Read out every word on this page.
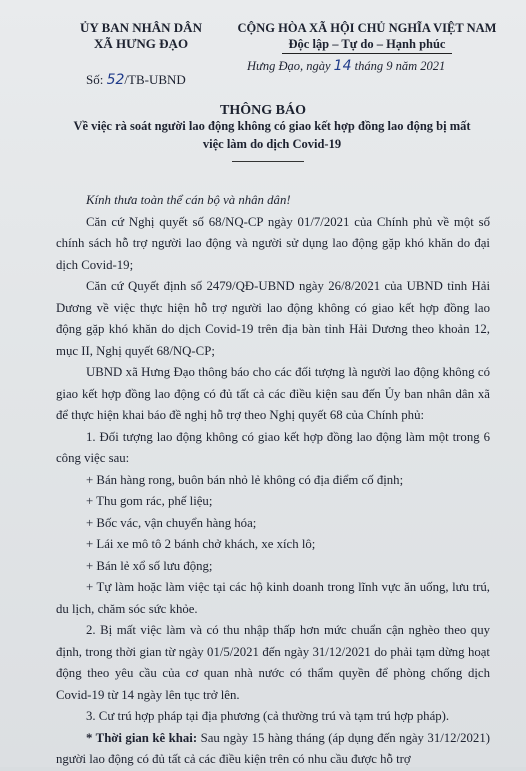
ỦY BAN NHÂN DÂN
XÃ HƯNG ĐẠO
CỘNG HÒA XÃ HỘI CHỦ NGHĨA VIỆT NAM
Độc lập – Tự do – Hạnh phúc
Số: 52/TB-UBND
Hưng Đạo, ngày 14 tháng 9 năm 2021
THÔNG BÁO
Về việc rà soát người lao động không có giao kết hợp đồng lao động bị mất
việc làm do dịch Covid-19

Kính thưa toàn thể cán bộ và nhân dân!

Căn cứ Nghị quyết số 68/NQ-CP ngày 01/7/2021 của Chính phủ về một số chính sách hỗ trợ người lao động và người sử dụng lao động gặp khó khăn do đại dịch Covid-19;

Căn cứ Quyết định số 2479/QĐ-UBND ngày 26/8/2021 của UBND tỉnh Hải Dương về việc thực hiện hỗ trợ người lao động không có giao kết hợp đồng lao động gặp khó khăn do dịch Covid-19 trên địa bàn tỉnh Hải Dương theo khoản 12, mục II, Nghị quyết 68/NQ-CP;

UBND xã Hưng Đạo thông báo cho các đối tượng là người lao động không có giao kết hợp đồng lao động có đủ tất cả các điều kiện sau đến Ủy ban nhân dân xã để thực hiện khai báo đề nghị hỗ trợ theo Nghị quyết 68 của Chính phủ:

1. Đối tượng lao động không có giao kết hợp đồng lao động làm một trong 6 công việc sau:

+ Bán hàng rong, buôn bán nhỏ lẻ không có địa điểm cố định;

+ Thu gom rác, phế liệu;

+ Bốc vác, vận chuyển hàng hóa;

+ Lái xe mô tô 2 bánh chở khách, xe xích lô;

+ Bán lẻ xổ số lưu động;

+ Tự làm hoặc làm việc tại các hộ kinh doanh trong lĩnh vực ăn uống, lưu trú, du lịch, chăm sóc sức khỏe.

2. Bị mất việc làm và có thu nhập thấp hơn mức chuẩn cận nghèo theo quy định, trong thời gian từ ngày 01/5/2021 đến ngày 31/12/2021 do phải tạm dừng hoạt động theo yêu cầu của cơ quan nhà nước có thẩm quyền để phòng chống dịch Covid-19 từ 14 ngày lên tục trở lên.

3. Cư trú hợp pháp tại địa phương (cả thường trú và tạm trú hợp pháp).

* Thời gian kê khai: Sau ngày 15 hàng tháng (áp dụng đến ngày 31/12/2021) người lao động có đủ tất cả các điều kiện trên có nhu cầu được hỗ trợ
